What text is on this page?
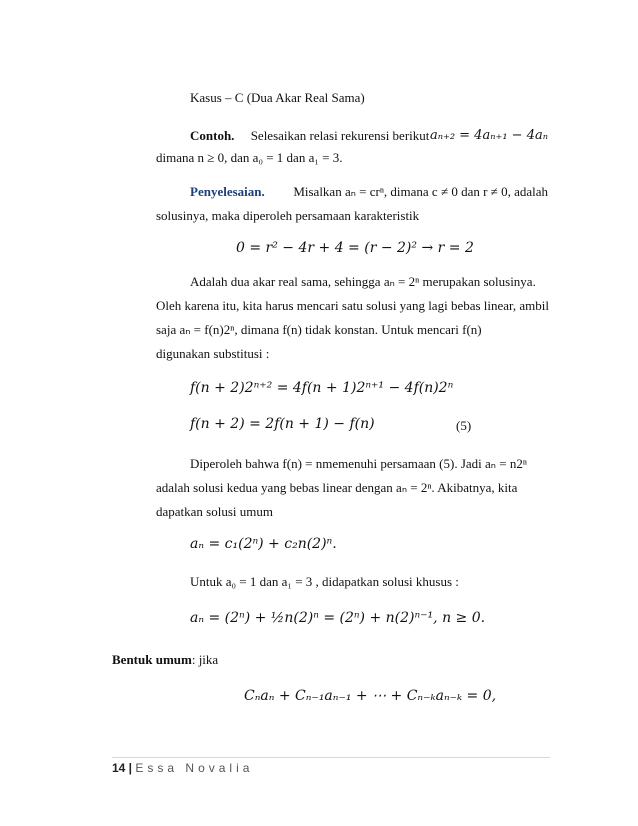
Kasus – C (Dua Akar Real Sama)
Contoh. Selesaikan relasi rekurensi berikut aₙ₊₂ = 4aₙ₊₁ − 4aₙ
dimana n ≥ 0, dan a₀ = 1 dan a₁ = 3.
Penyelesaian. Misalkan aₙ = crⁿ, dimana c ≠ 0 dan r ≠ 0, adalah
solusinya, maka diperoleh persamaan karakteristik
0 = r² − 4r + 4 = (r − 2)² → r = 2
Adalah dua akar real sama, sehingga aₙ = 2ⁿ merupakan solusinya.
Oleh karena itu, kita harus mencari satu solusi yang lagi bebas linear, ambil
saja aₙ = f(n)2ⁿ, dimana f(n) tidak konstan. Untuk mencari f(n)
digunakan substitusi :
f(n + 2)2ⁿ⁺² = 4f(n + 1)2ⁿ⁺¹ − 4f(n)2ⁿ
f(n + 2) = 2f(n + 1) − f(n)	(5)
Diperoleh bahwa f(n) = nmemenuhi persamaan (5). Jadi aₙ = n2ⁿ
adalah solusi kedua yang bebas linear dengan aₙ = 2ⁿ. Akibatnya, kita
dapatkan solusi umum
aₙ = c₁(2ⁿ) + c₂n(2)ⁿ.
Untuk a₀ = 1 dan a₁ = 3 , didapatkan solusi khusus :
aₙ = (2ⁿ) + ½n(2)ⁿ = (2ⁿ) + n(2)ⁿ⁻¹, n ≥ 0.
Bentuk umum: jika
Cₙaₙ + Cₙ₋₁aₙ₋₁ + ⋯ + Cₙ₋ₖaₙ₋ₖ = 0,
14 | Essa Novalia
